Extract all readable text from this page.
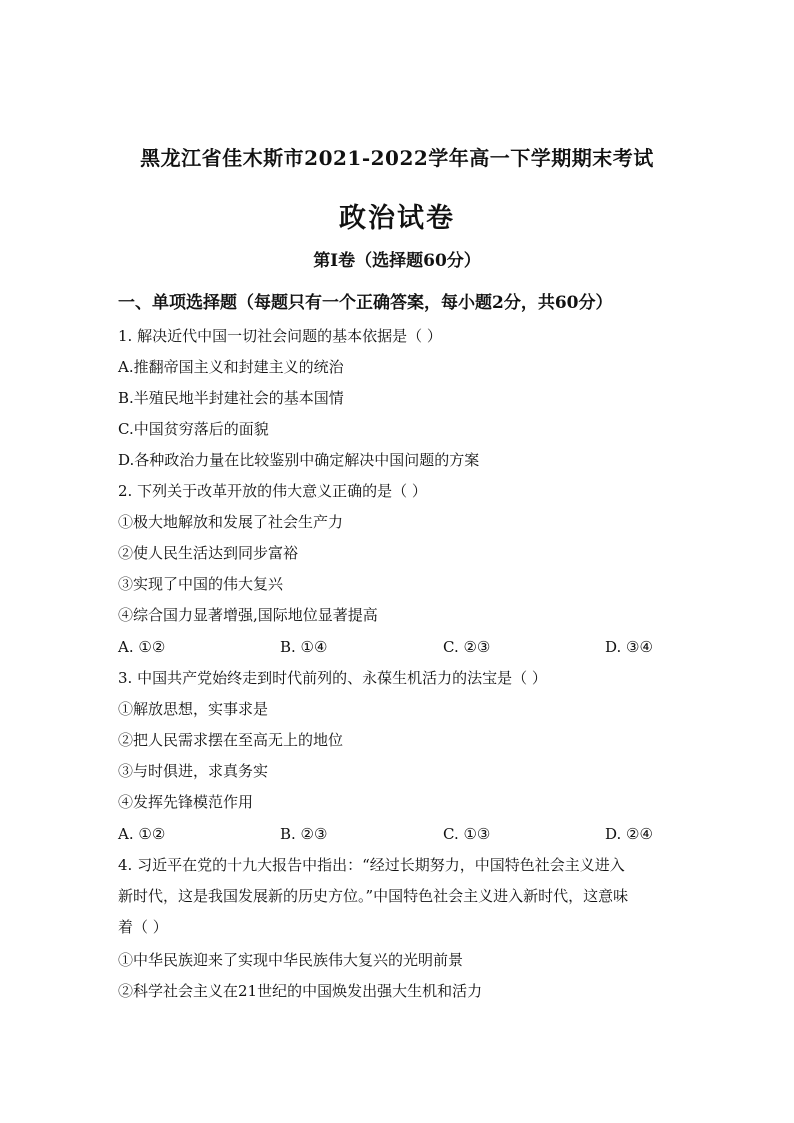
黑龙江省佳木斯市2021-2022学年高一下学期期末考试
政治试卷
第Ⅰ卷（选择题60分）
一、单项选择题（每题只有一个正确答案，每小题2分，共60分）
1. 解决近代中国一切社会问题的基本依据是（ ）
A.推翻帝国主义和封建主义的统治
B.半殖民地半封建社会的基本国情
C.中国贫穷落后的面貌
D.各种政治力量在比较鉴别中确定解决中国问题的方案
2. 下列关于改革开放的伟大意义正确的是（ ）
①极大地解放和发展了社会生产力
②使人民生活达到同步富裕
③实现了中国的伟大复兴
④综合国力显著增强,国际地位显著提高
A. ①②	B. ①④	C. ②③	D. ③④
3. 中国共产党始终走到时代前列的、永葆生机活力的法宝是（ ）
①解放思想，实事求是
②把人民需求摆在至高无上的地位
③与时俱进，求真务实
④发挥先锋模范作用
A. ①②	B. ②③	C. ①③	D. ②④
4. 习近平在党的十九大报告中指出：“经过长期努力，中国特色社会主义进入
新时代，这是我国发展新的历史方位。”中国特色社会主义进入新时代，这意味
着（ ）
①中华民族迎来了实现中华民族伟大复兴的光明前景
②科学社会主义在21世纪的中国焕发出强大生机和活力
